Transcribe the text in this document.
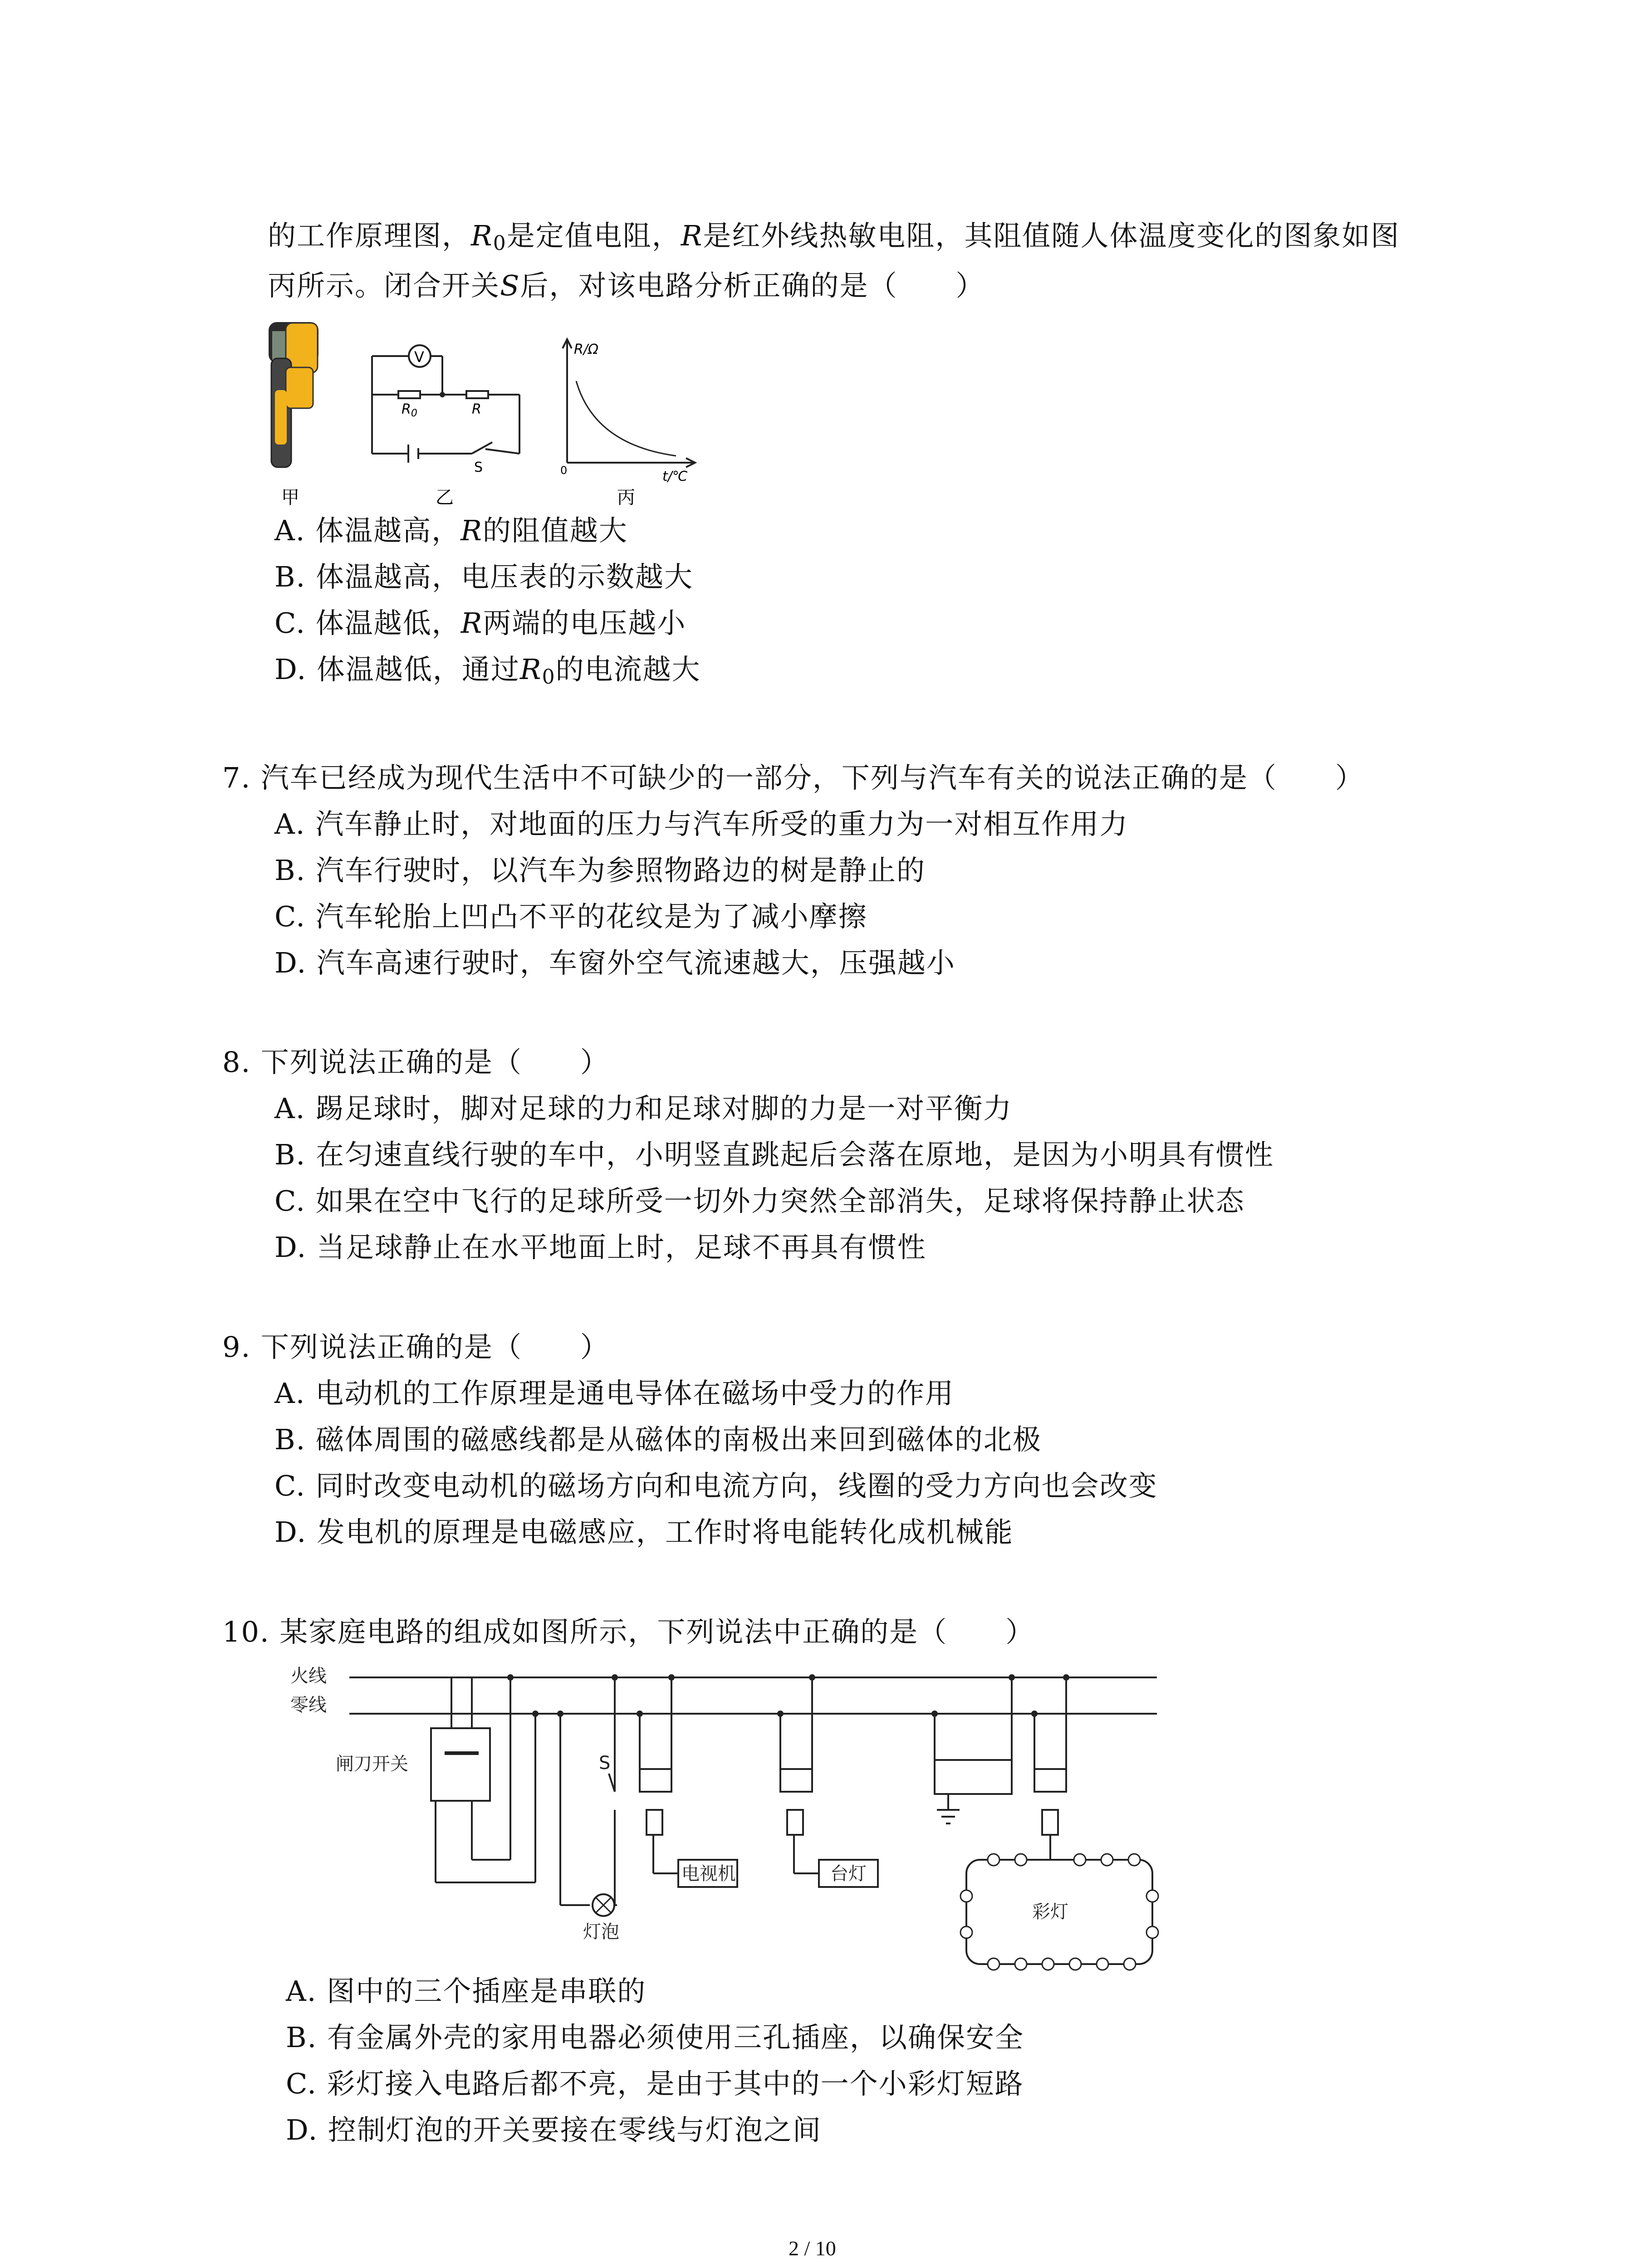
的工作原理图，$R_0$是定值电阻，R是红外线热敏电阻，其阻值随人体温度变化的图象如图
丙所示。闭合开关S后，对该电路分析正确的是（　　）
甲
V
$R_0$	R
S
乙
R/Ω
0	t/℃
丙
A. 体温越高，R的阻值越大
B. 体温越高，电压表的示数越大
C. 体温越低，R两端的电压越小
D. 体温越低，通过$R_0$的电流越大
7. 汽车已经成为现代生活中不可缺少的一部分，下列与汽车有关的说法正确的是（　　）
A. 汽车静止时，对地面的压力与汽车所受的重力为一对相互作用力
B. 汽车行驶时，以汽车为参照物路边的树是静止的
C. 汽车轮胎上凹凸不平的花纹是为了减小摩擦
D. 汽车高速行驶时，车窗外空气流速越大，压强越小
8. 下列说法正确的是（　　）
A. 踢足球时，脚对足球的力和足球对脚的力是一对平衡力
B. 在匀速直线行驶的车中，小明竖直跳起后会落在原地，是因为小明具有惯性
C. 如果在空中飞行的足球所受一切外力突然全部消失，足球将保持静止状态
D. 当足球静止在水平地面上时，足球不再具有惯性
9. 下列说法正确的是（　　）
A. 电动机的工作原理是通电导体在磁场中受力的作用
B. 磁体周围的磁感线都是从磁体的南极出来回到磁体的北极
C. 同时改变电动机的磁场方向和电流方向，线圈的受力方向也会改变
D. 发电机的原理是电磁感应，工作时将电能转化成机械能
10. 某家庭电路的组成如图所示，下列说法中正确的是（　　）
火线
零线
闸刀开关	S
灯泡
电视机	台灯
彩灯
A. 图中的三个插座是串联的
B. 有金属外壳的家用电器必须使用三孔插座，以确保安全
C. 彩灯接入电路后都不亮，是由于其中的一个小彩灯短路
D. 控制灯泡的开关要接在零线与灯泡之间
2 / 10
